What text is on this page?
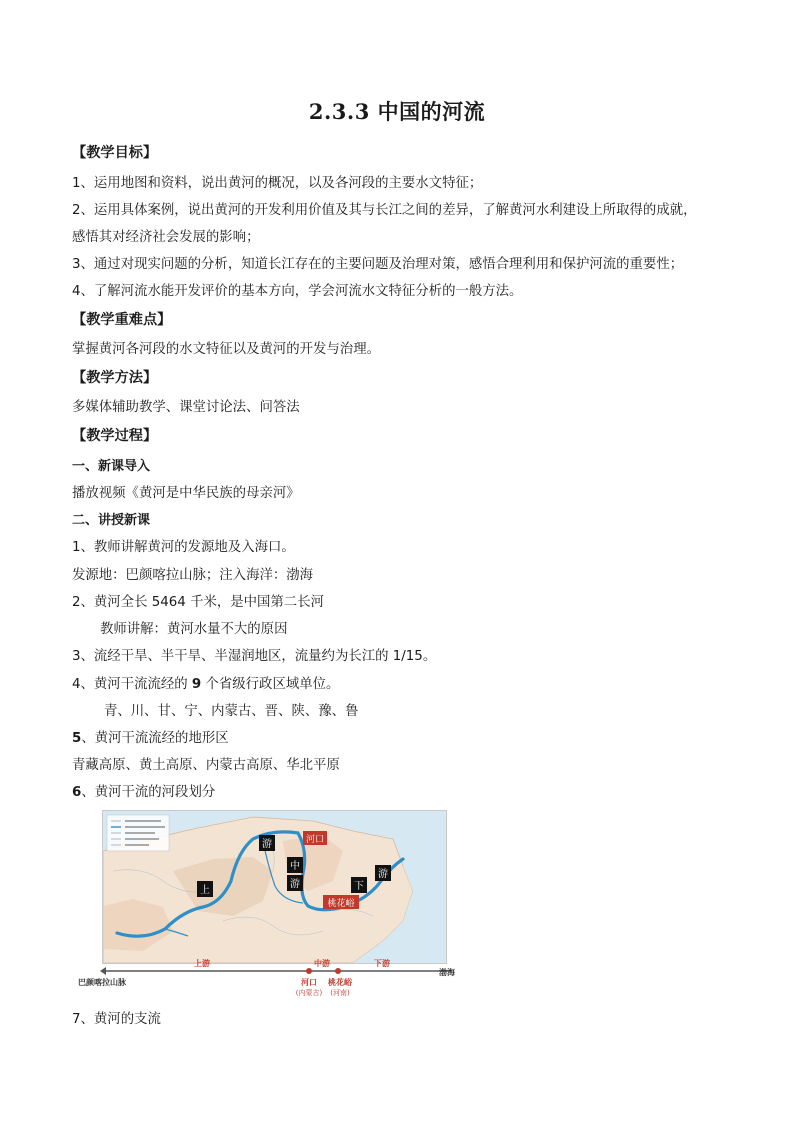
2.3.3 中国的河流
【教学目标】
1、运用地图和资料，说出黄河的概况，以及各河段的主要水文特征；
2、运用具体案例，说出黄河的开发利用价值及其与长江之间的差异，了解黄河水利建设上所取得的成就，
感悟其对经济社会发展的影响；
3、通过对现实问题的分析，知道长江存在的主要问题及治理对策，感悟合理利用和保护河流的重要性；
4、了解河流水能开发评价的基本方向，学会河流水文特征分析的一般方法。
【教学重难点】
掌握黄河各河段的水文特征以及黄河的开发与治理。
【教学方法】
多媒体辅助教学、课堂讨论法、问答法
【教学过程】
一、新课导入
播放视频《黄河是中华民族的母亲河》
二、讲授新课
1、教师讲解黄河的发源地及入海口。
发源地：巴颜喀拉山脉；注入海洋：渤海
2、黄河全长 5464 千米，是中国第二长河
教师讲解：黄河水量不大的原因
3、流经干旱、半干旱、半湿润地区，流量约为长江的 1/15。
4、黄河干流流经的 9 个省级行政区域单位。
青、川、甘、宁、内蒙古、晋、陕、豫、鲁
5、黄河干流流经的地形区
青藏高原、黄土高原、内蒙古高原、华北平原
6、黄河干流的河段划分
上
游
中
游	下
游
河口
桃花峪
上游	中游	下游
巴颜喀拉山脉
渤海
河口
(内蒙古)
桃花峪
(河南)
7、黄河的支流
